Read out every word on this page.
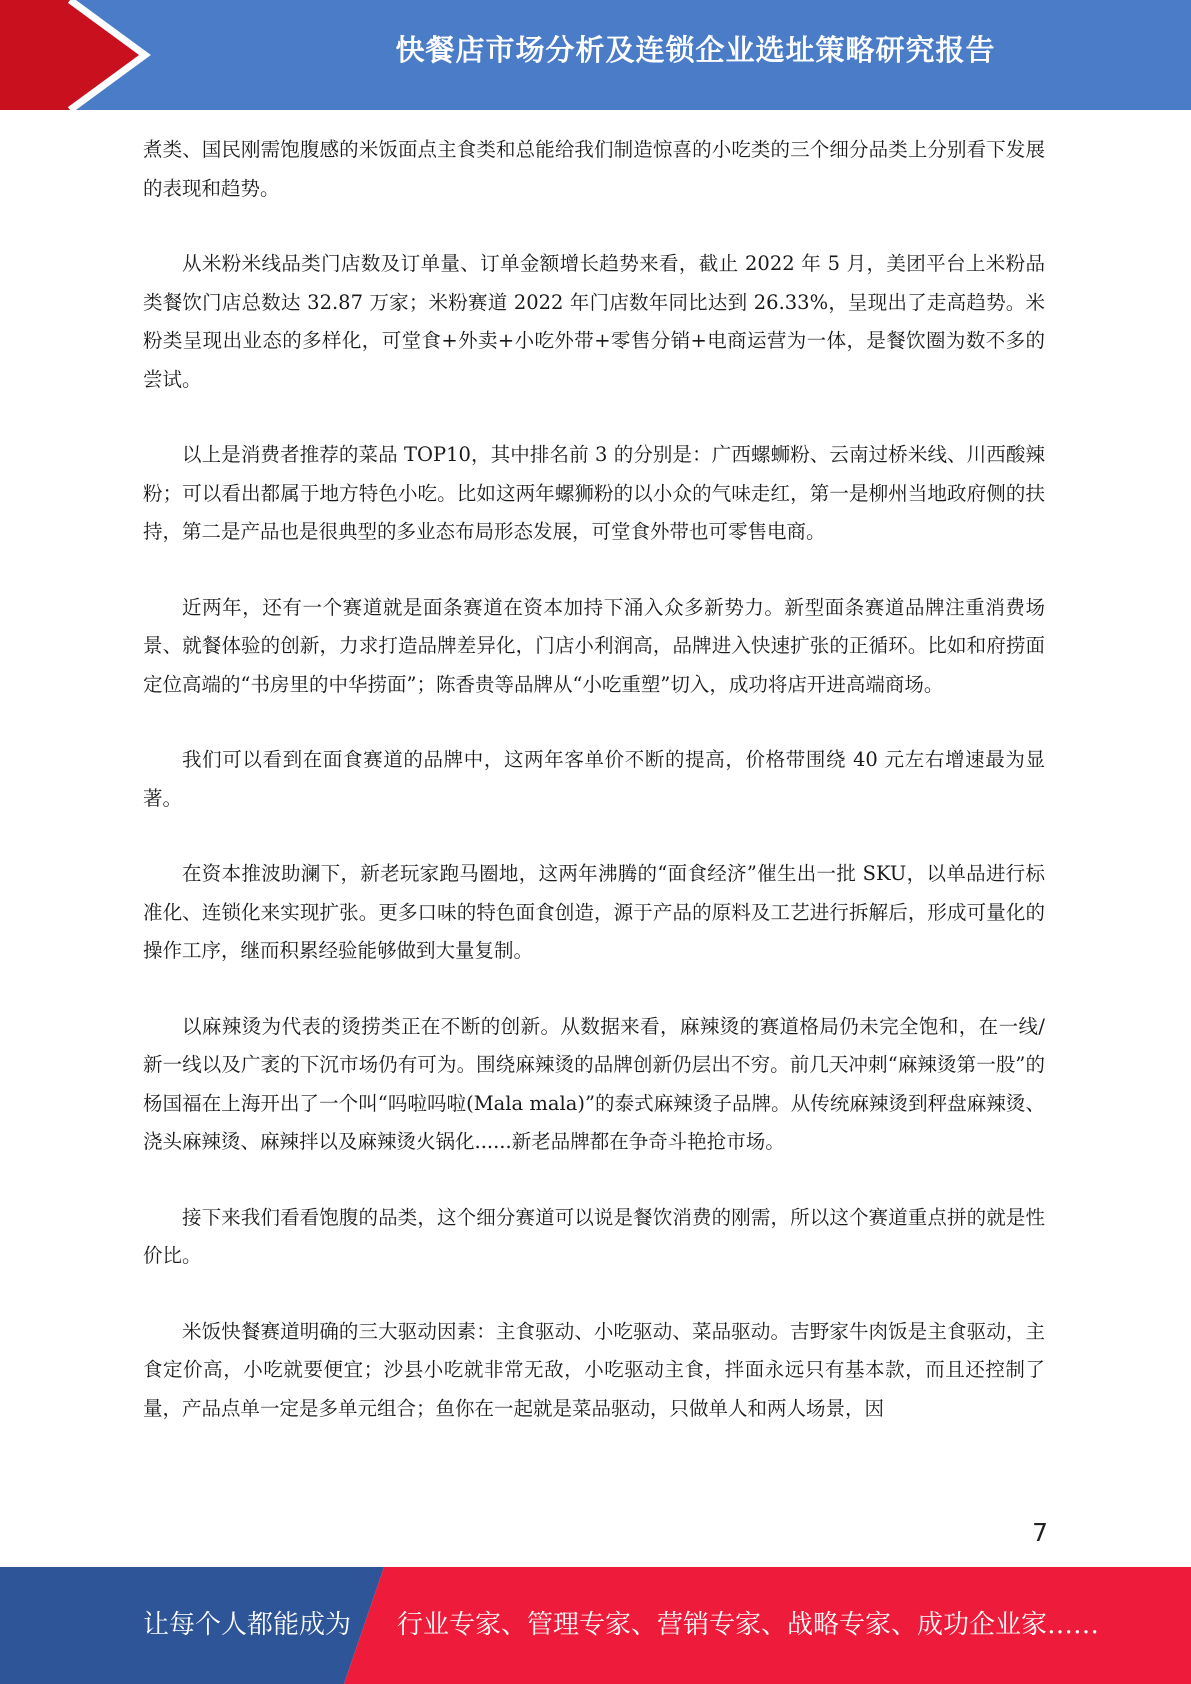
快餐店市场分析及连锁企业选址策略研究报告

煮类、国民刚需饱腹感的米饭面点主食类和总能给我们制造惊喜的小吃类的三个细分品类上分别看下发展的表现和趋势。

从米粉米线品类门店数及订单量、订单金额增长趋势来看，截止 2022 年 5 月，美团平台上米粉品类餐饮门店总数达 32.87 万家；米粉赛道 2022 年门店数年同比达到 26.33%，呈现出了走高趋势。米粉类呈现出业态的多样化，可堂食+外卖+小吃外带+零售分销+电商运营为一体，是餐饮圈为数不多的尝试。

以上是消费者推荐的菜品 TOP10，其中排名前 3 的分别是：广西螺蛳粉、云南过桥米线、川西酸辣粉；可以看出都属于地方特色小吃。比如这两年螺狮粉的以小众的气味走红，第一是柳州当地政府侧的扶持，第二是产品也是很典型的多业态布局形态发展，可堂食外带也可零售电商。

近两年，还有一个赛道就是面条赛道在资本加持下涌入众多新势力。新型面条赛道品牌注重消费场景、就餐体验的创新，力求打造品牌差异化，门店小利润高，品牌进入快速扩张的正循环。比如和府捞面定位高端的“书房里的中华捞面”；陈香贵等品牌从“小吃重塑”切入，成功将店开进高端商场。

我们可以看到在面食赛道的品牌中，这两年客单价不断的提高，价格带围绕 40 元左右增速最为显著。

在资本推波助澜下，新老玩家跑马圈地，这两年沸腾的“面食经济”催生出一批 SKU，以单品进行标准化、连锁化来实现扩张。更多口味的特色面食创造，源于产品的原料及工艺进行拆解后，形成可量化的操作工序，继而积累经验能够做到大量复制。

以麻辣烫为代表的烫捞类正在不断的创新。从数据来看，麻辣烫的赛道格局仍未完全饱和，在一线/新一线以及广袤的下沉市场仍有可为。围绕麻辣烫的品牌创新仍层出不穷。前几天冲刺“麻辣烫第一股”的杨国福在上海开出了一个叫“吗啦吗啦(Mala mala)”的泰式麻辣烫子品牌。从传统麻辣烫到秤盘麻辣烫、浇头麻辣烫、麻辣拌以及麻辣烫火锅化......新老品牌都在争奇斗艳抢市场。

接下来我们看看饱腹的品类，这个细分赛道可以说是餐饮消费的刚需，所以这个赛道重点拼的就是性价比。

米饭快餐赛道明确的三大驱动因素：主食驱动、小吃驱动、菜品驱动。吉野家牛肉饭是主食驱动，主食定价高，小吃就要便宜；沙县小吃就非常无敌，小吃驱动主食，拌面永远只有基本款，而且还控制了量，产品点单一定是多单元组合；鱼你在一起就是菜品驱动，只做单人和两人场景，因

7
让每个人都能成为 行业专家、管理专家、营销专家、战略专家、成功企业家……
